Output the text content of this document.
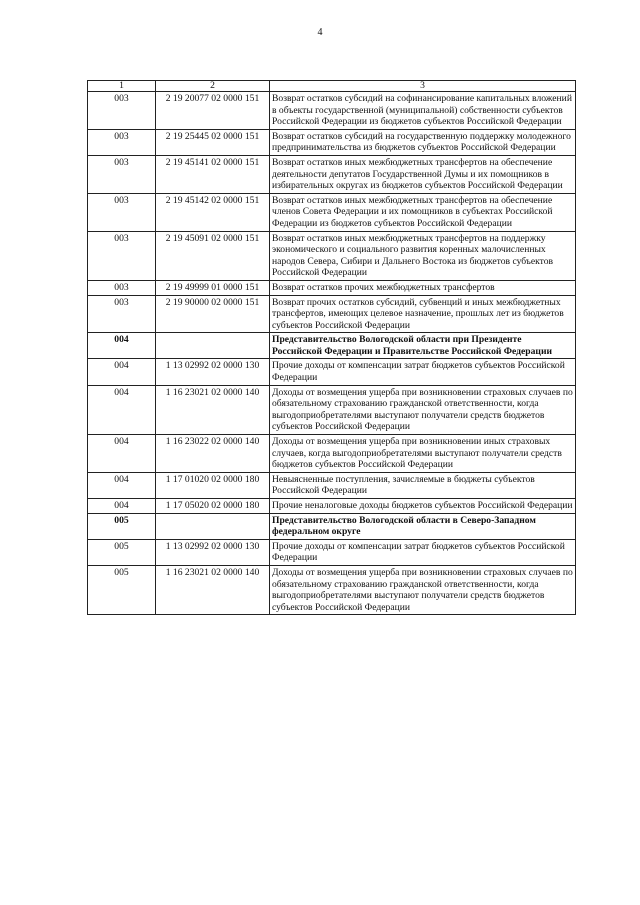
4
1	2	3
003	2 19 20077 02 0000 151	Возврат остатков субсидий на софинансирование капитальных вложений в объекты государственной (муниципальной) собственности субъектов Российской Федерации из бюджетов субъектов Российской Федерации
003	2 19 25445 02 0000 151	Возврат остатков субсидий на государственную поддержку молодежного предпринимательства из бюджетов субъектов Российской Федерации
003	2 19 45141 02 0000 151	Возврат остатков иных межбюджетных трансфертов на обеспечение деятельности депутатов Государственной Думы и их помощников в избирательных округах из бюджетов субъектов Российской Федерации
003	2 19 45142 02 0000 151	Возврат остатков иных межбюджетных трансфертов на обеспечение членов Совета Федерации и их помощников в субъектах Российской Федерации из бюджетов субъектов Российской Федерации
003	2 19 45091 02 0000 151	Возврат остатков иных межбюджетных трансфертов на поддержку экономического и социального развития коренных малочисленных народов Севера, Сибири и Дальнего Востока из бюджетов субъектов Российской Федерации
003	2 19 49999 01 0000 151	Возврат остатков прочих межбюджетных трансфертов
003	2 19 90000 02 0000 151	Возврат прочих остатков субсидий, субвенций и иных межбюджетных трансфертов, имеющих целевое назначение, прошлых лет из бюджетов субъектов Российской Федерации
004		Представительство Вологодской области при Президенте Российской Федерации и Правительстве Российской Федерации
004	1 13 02992 02 0000 130	Прочие доходы от компенсации затрат бюджетов субъектов Российской Федерации
004	1 16 23021 02 0000 140	Доходы от возмещения ущерба при возникновении страховых случаев по обязательному страхованию гражданской ответственности, когда выгодоприобретателями выступают получатели средств бюджетов субъектов Российской Федерации
004	1 16 23022 02 0000 140	Доходы от возмещения ущерба при возникновении иных страховых случаев, когда выгодоприобретателями выступают получатели средств бюджетов субъектов Российской Федерации
004	1 17 01020 02 0000 180	Невыясненные поступления, зачисляемые в бюджеты субъектов Российской Федерации
004	1 17 05020 02 0000 180	Прочие неналоговые доходы бюджетов субъектов Российской Федерации
005		Представительство Вологодской области в Северо-Западном федеральном округе
005	1 13 02992 02 0000 130	Прочие доходы от компенсации затрат бюджетов субъектов Российской Федерации
005	1 16 23021 02 0000 140	Доходы от возмещения ущерба при возникновении страховых случаев по обязательному страхованию гражданской ответственности, когда выгодоприобретателями выступают получатели средств бюджетов субъектов Российской Федерации
